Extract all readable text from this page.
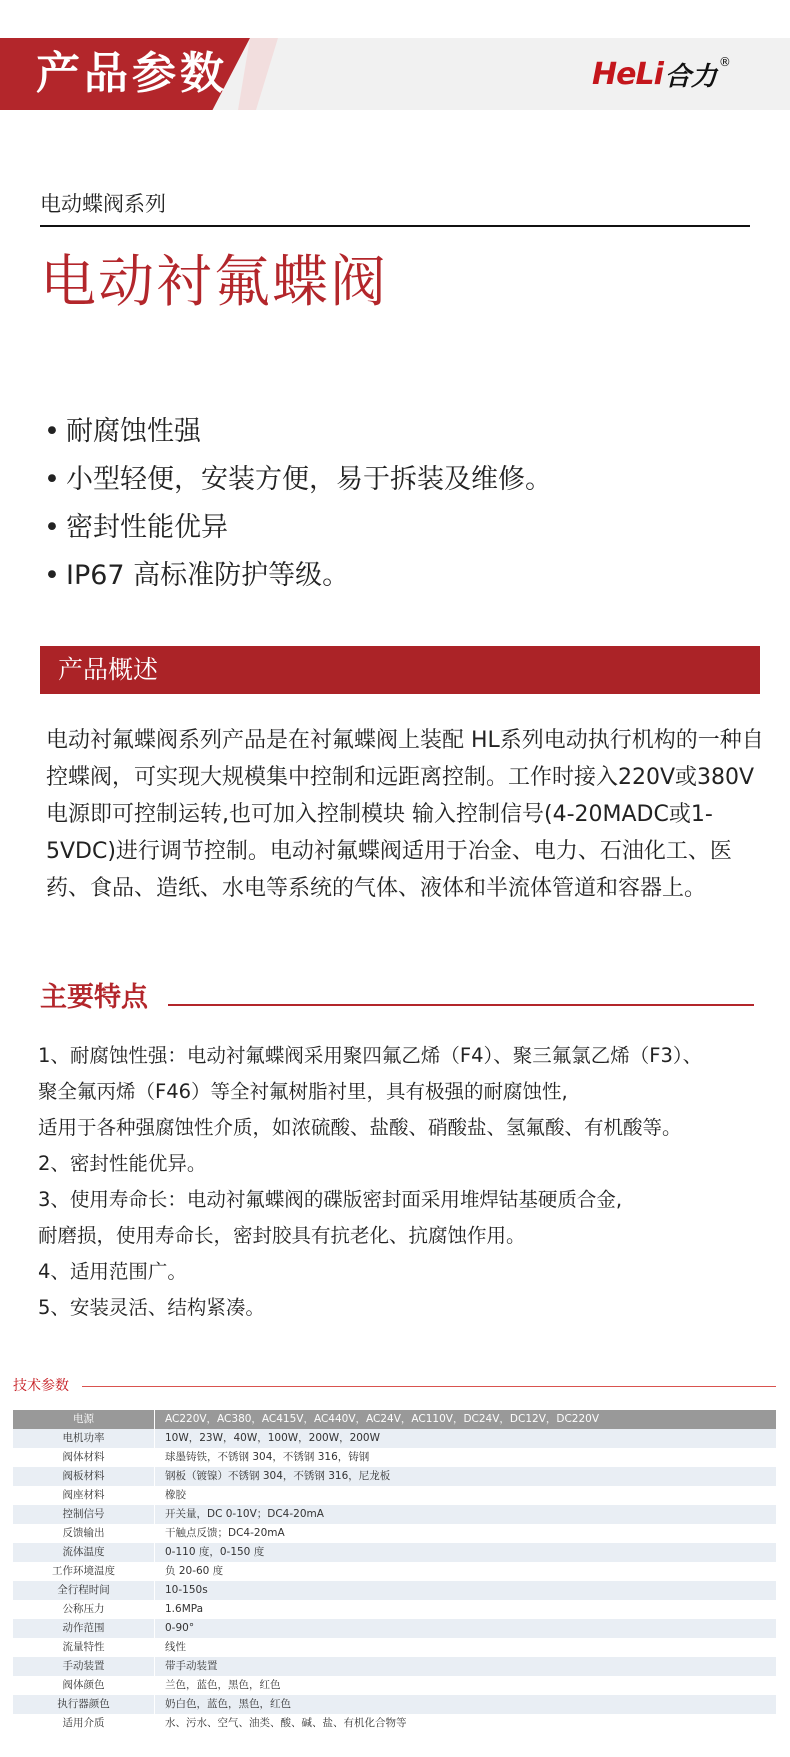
产品参数	HeLi 合力 ®
电动蝶阀系列
电动衬氟蝶阀
• 耐腐蚀性强
• 小型轻便，安装方便，易于拆装及维修。
• 密封性能优异
• IP67 高标准防护等级。
产品概述

电动衬氟蝶阀系列产品是在衬氟蝶阀上装配 HL系列电动执行机构的一种自控蝶阀，可实现大规模集中控制和远距离控制。工作时接入220V或380V电源即可控制运转,也可加入控制模块 输入控制信号(4-20MADC或1-5VDC)进行调节控制。电动衬氟蝶阀适用于冶金、电力、石油化工、医药、食品、造纸、水电等系统的气体、液体和半流体管道和容器上。

主要特点
1、耐腐蚀性强：电动衬氟蝶阀采用聚四氟乙烯（F4）、聚三氟氯乙烯（F3）、
聚全氟丙烯（F46）等全衬氟树脂衬里，具有极强的耐腐蚀性,
适用于各种强腐蚀性介质，如浓硫酸、盐酸、硝酸盐、氢氟酸、有机酸等。
2、密封性能优异。
3、使用寿命长：电动衬氟蝶阀的碟版密封面采用堆焊钴基硬质合金,
耐磨损，使用寿命长，密封胶具有抗老化、抗腐蚀作用。
4、适用范围广。
5、安装灵活、结构紧凑。
技术参数
电源	AC220V，AC380，AC415V，AC440V，AC24V，AC110V，DC24V，DC12V，DC220V
电机功率	10W，23W，40W，100W，200W，200W
阀体材料	球墨铸铁，不锈钢 304，不锈钢 316，铸钢
阀板材料	钢板（镀镍）不锈钢 304，不锈钢 316，尼龙板
阀座材料	橡胶
控制信号	开关量，DC 0-10V；DC4-20mA
反馈输出	干触点反馈；DC4-20mA
流体温度	0-110 度，0-150 度
工作环境温度	负 20-60 度
全行程时间	10-150s
公称压力	1.6MPa
动作范围	0-90°
流量特性	线性
手动装置	带手动装置
阀体颜色	兰色，蓝色，黑色，红色
执行器颜色	奶白色，蓝色，黑色，红色
适用介质	水、污水、空气、油类、酸、碱、盐、有机化合物等
